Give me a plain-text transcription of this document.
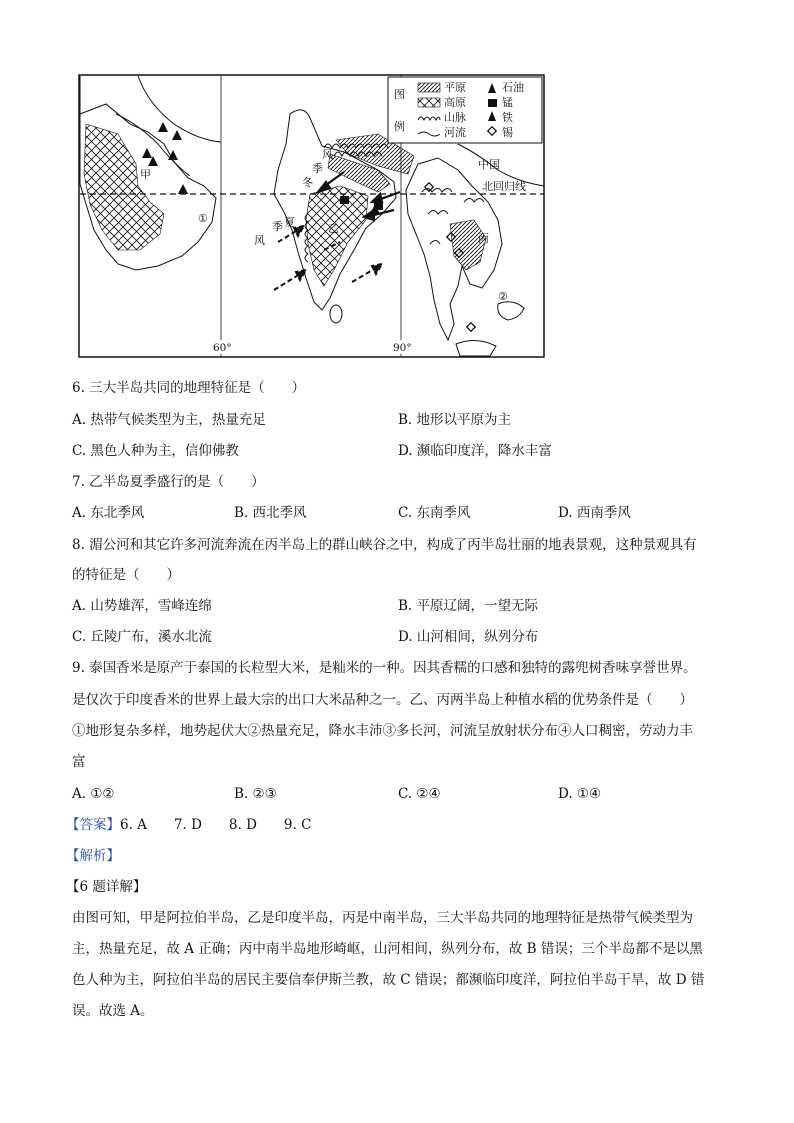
图
例
平原
高原
山脉
河流
石油
锰
铁
锡
甲
乙
丙
中国
北回归线
①
②
风
季
冬
夏
季
风
60°	90°
6. 三大半岛共同的地理特征是（　　）
A. 热带气候类型为主，热量充足	B. 地形以平原为主
C. 黑色人种为主，信仰佛教	D. 濒临印度洋，降水丰富
7. 乙半岛夏季盛行的是（　　）
A. 东北季风	B. 西北季风	C. 东南季风	D. 西南季风
8. 湄公河和其它许多河流奔流在丙半岛上的群山峡谷之中，构成了丙半岛壮丽的地表景观，这种景观具有
的特征是（　　）
A. 山势雄浑，雪峰连绵	B. 平原辽阔，一望无际
C. 丘陵广布，溪水北流	D. 山河相间，纵列分布
9. 泰国香米是原产于泰国的长粒型大米，是籼米的一种。因其香糯的口感和独特的露兜树香味享誉世界。
是仅次于印度香米的世界上最大宗的出口大米品种之一。乙、丙两半岛上种植水稻的优势条件是（　　）
①地形复杂多样，地势起伏大②热量充足，降水丰沛③多长河，河流呈放射状分布④人口稠密，劳动力丰
富
A. ①②	B. ②③	C. ②④	D. ①④
【答案】6. A　　7. D　　8. D　　9. C
【解析】
【6 题详解】
由图可知，甲是阿拉伯半岛，乙是印度半岛，丙是中南半岛，三大半岛共同的地理特征是热带气候类型为
主，热量充足，故 A 正确；丙中南半岛地形崎岖，山河相间，纵列分布，故 B 错误；三个半岛都不是以黑
色人种为主，阿拉伯半岛的居民主要信奉伊斯兰教，故 C 错误；都濒临印度洋，阿拉伯半岛干旱，故 D 错
误。故选 A。
